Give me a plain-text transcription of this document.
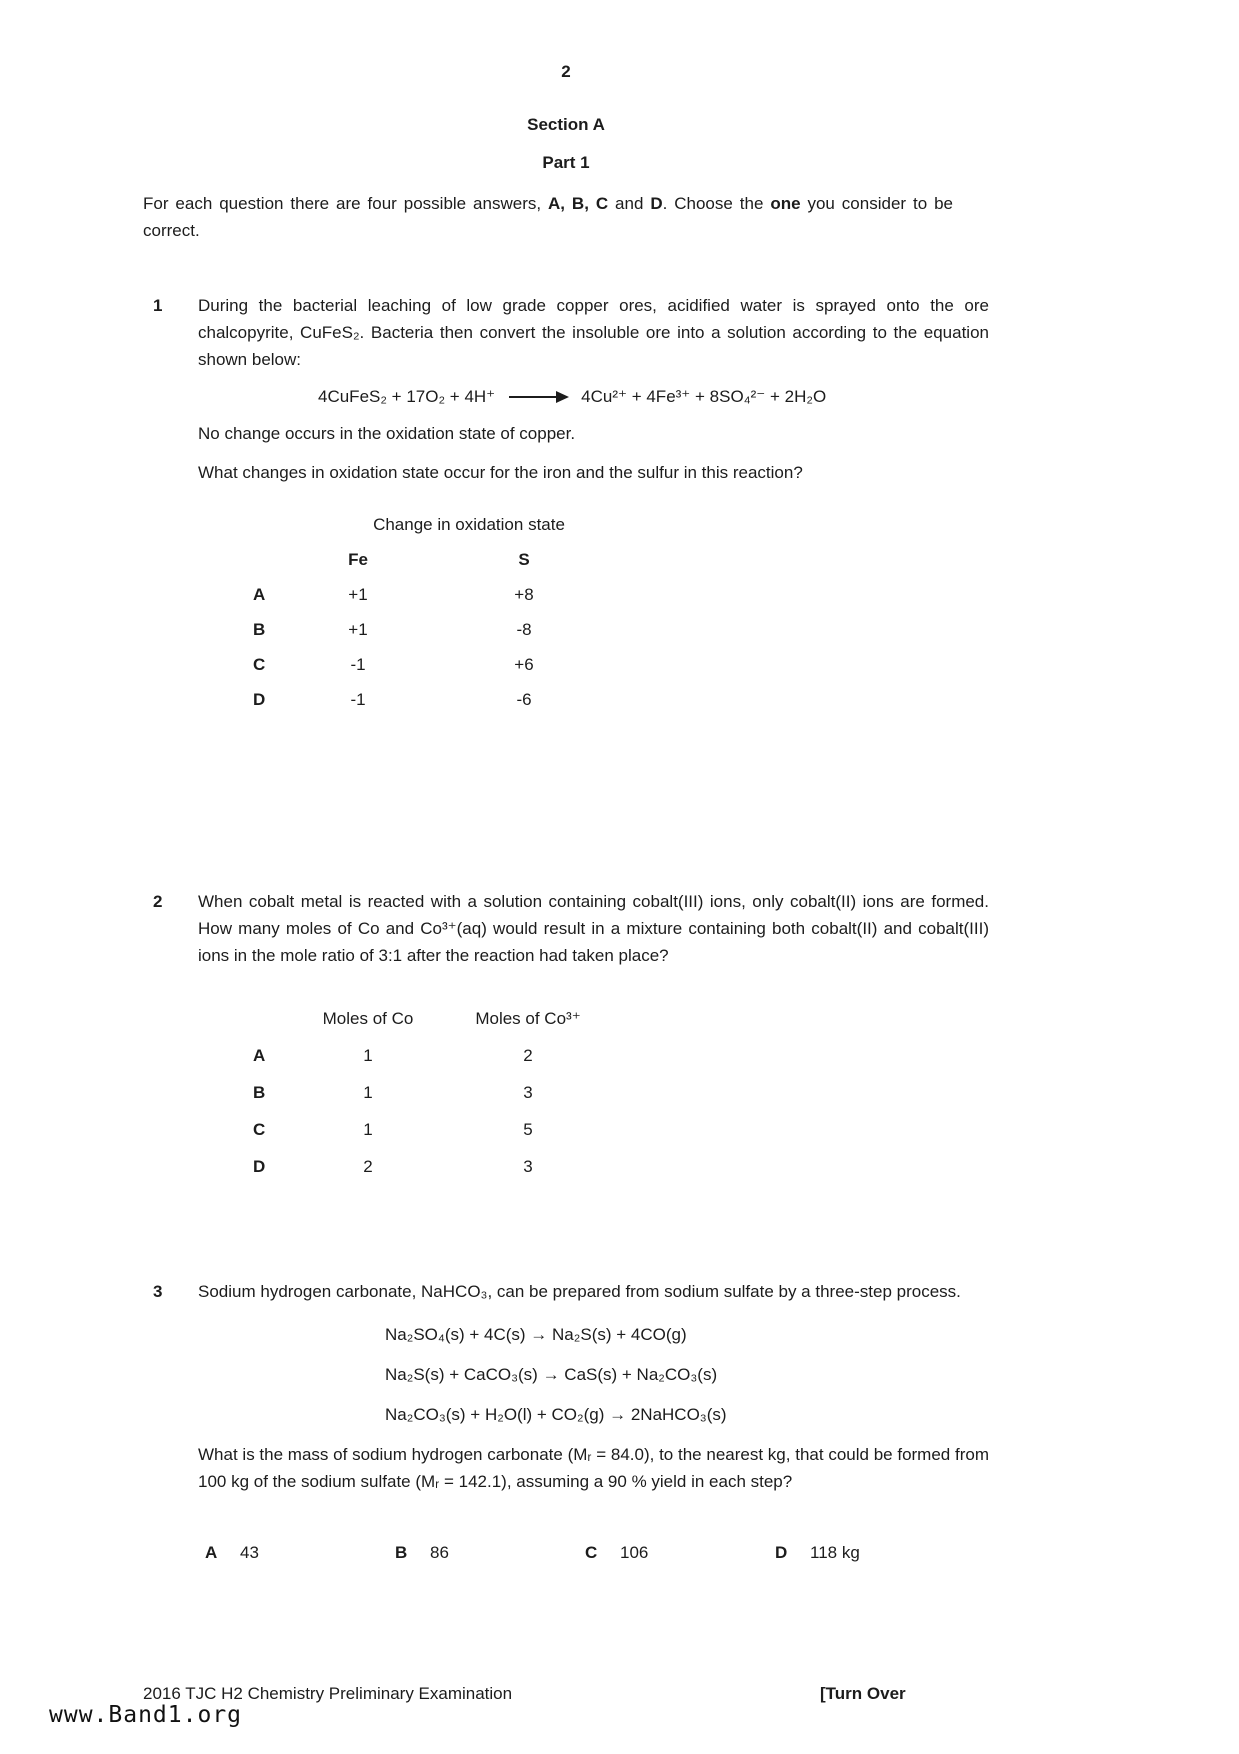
2
Section A
Part 1

For each question there are four possible answers, A, B, C and D. Choose the one you consider to be correct.

1	During the bacterial leaching of low grade copper ores, acidified water is sprayed onto the ore chalcopyrite, CuFeS₂. Bacteria then convert the insoluble ore into a solution according to the equation shown below:

4CuFeS₂ + 17O₂ + 4H⁺ → 4Cu²⁺ + 4Fe³⁺ + 8SO₄²⁻ + 2H₂O

No change occurs in the oxidation state of copper.

What changes in oxidation state occur for the iron and the sulfur in this reaction?

Change in oxidation state
Fe	S
A	+1	+8
B	+1	-8
C	-1	+6
D	-1	-6
2	When cobalt metal is reacted with a solution containing cobalt(III) ions, only cobalt(II) ions are formed. How many moles of Co and Co³⁺(aq) would result in a mixture containing both cobalt(II) and cobalt(III) ions in the mole ratio of 3:1 after the reaction had taken place?

Moles of Co	Moles of Co³⁺
A	1	2
B	1	3
C	1	5
D	2	3
3	Sodium hydrogen carbonate, NaHCO₃, can be prepared from sodium sulfate by a three-step process.

Na₂SO₄(s) + 4C(s) → Na₂S(s) + 4CO(g)
Na₂S(s) + CaCO₃(s) → CaS(s) + Na₂CO₃(s)
Na₂CO₃(s) + H₂O(l) + CO₂(g) → 2NaHCO₃(s)

What is the mass of sodium hydrogen carbonate (Mᵣ = 84.0), to the nearest kg, that could be formed from 100 kg of the sodium sulfate (Mᵣ = 142.1), assuming a 90 % yield in each step?

A	43	B	86	C	106	D	118 kg
2016 TJC H2 Chemistry Preliminary Examination	[Turn Over
www.Band1.org
